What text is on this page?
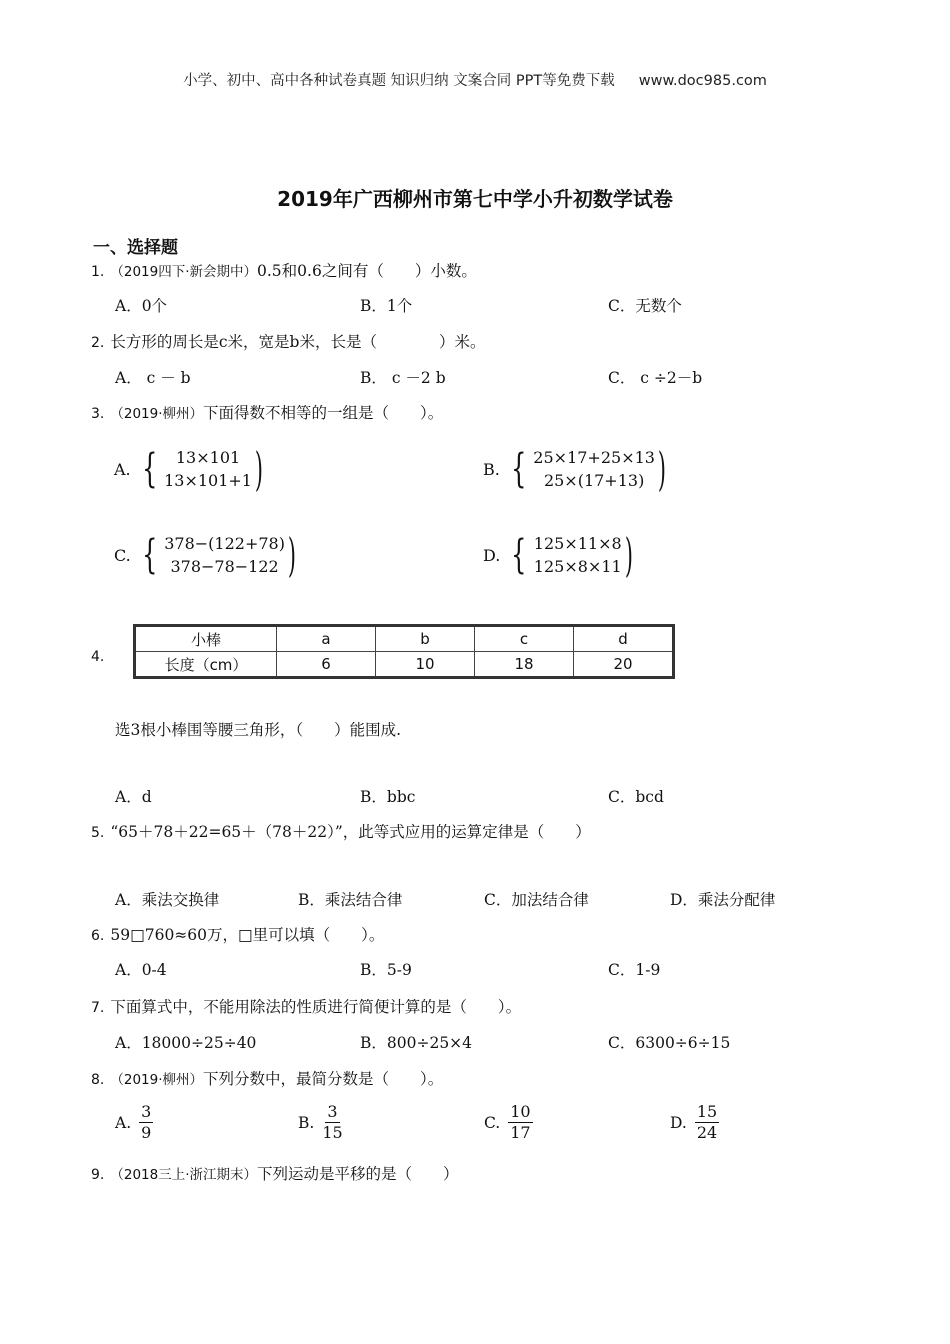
小学、初中、高中各种试卷真题 知识归纳 文案合同 PPT等免费下载 www.doc985.com
2019年广西柳州市第七中学小升初数学试卷
一、选择题
1. （2019四下·新会期中）0.5和0.6之间有（　　）小数。
A．0个	B．1个	C．无数个
2. 长方形的周长是c米，宽是b米，长是（　　　　）米。
A． c － b	B． c －2 b	C． c ÷2－b
3. （2019·柳州）下面得数不相等的一组是（　　）。
A. { 13×101
13×101+1 )	B. { 25×17+25×13
25×(17+13) )
C. { 378−(122+78)
378−78−122 )	D. { 125×11×8
125×8×11 )
4.
小棒	a	b	c	d
长度（cm）	6	10	18	20
选3根小棒围等腰三角形，（　　）能围成.
A．d	B．bbc	C．bcd
5. “65＋78＋22=65＋（78＋22）”，此等式应用的运算定律是（　　）
A．乘法交换律	B．乘法结合律	C．加法结合律	D．乘法分配律
6. 59□760≈60万，□里可以填（　　）。
A．0-4	B．5-9	C．1-9
7. 下面算式中，不能用除法的性质进行简便计算的是（　　）。
A．18000÷25÷40	B．800÷25×4	C．6300÷6÷15
8. （2019·柳州）下列分数中，最简分数是（　　）。
A. $\frac{3}{9}$	B. $\frac{3}{15}$	C. $\frac{10}{17}$	D. $\frac{15}{24}$
9. （2018三上·浙江期末）下列运动是平移的是（　　）
